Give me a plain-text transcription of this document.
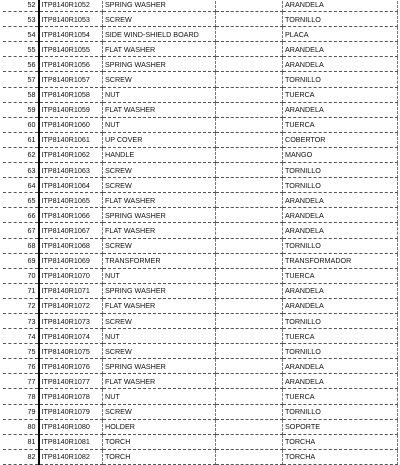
52	ITP8140R1052	SPRING WASHER		ARANDELA
53	ITP8140R1053	SCREW		TORNILLO
54	ITP8140R1054	SIDE WIND-SHIELD BOARD		PLACA
55	ITP8140R1055	FLAT WASHER		ARANDELA
56	ITP8140R1056	SPRING WASHER		ARANDELA
57	ITP8140R1057	SCREW		TORNILLO
58	ITP8140R1058	NUT		TUERCA
59	ITP8140R1059	FLAT WASHER		ARANDELA
60	ITP8140R1060	NUT		TUERCA
61	ITP8140R1061	UP COVER		COBERTOR
62	ITP8140R1062	HANDLE		MANGO
63	ITP8140R1063	SCREW		TORNILLO
64	ITP8140R1064	SCREW		TORNILLO
65	ITP8140R1065	FLAT WASHER		ARANDELA
66	ITP8140R1066	SPRING WASHER		ARANDELA
67	ITP8140R1067	FLAT WASHER		ARANDELA
68	ITP8140R1068	SCREW		TORNILLO
69	ITP8140R1069	TRANSFORMER		TRANSFORMADOR
70	ITP8140R1070	NUT		TUERCA
71	ITP8140R1071	SPRING WASHER		ARANDELA
72	ITP8140R1072	FLAT WASHER		ARANDELA
73	ITP8140R1073	SCREW		TORNILLO
74	ITP8140R1074	NUT		TUERCA
75	ITP8140R1075	SCREW		TORNILLO
76	ITP8140R1076	SPRING WASHER		ARANDELA
77	ITP8140R1077	FLAT WASHER		ARANDELA
78	ITP8140R1078	NUT		TUERCA
79	ITP8140R1079	SCREW		TORNILLO
80	ITP8140R1080	HOLDER		SOPORTE
81	ITP8140R1081	TORCH		TORCHA
82	ITP8140R1082	TORCH		TORCHA
